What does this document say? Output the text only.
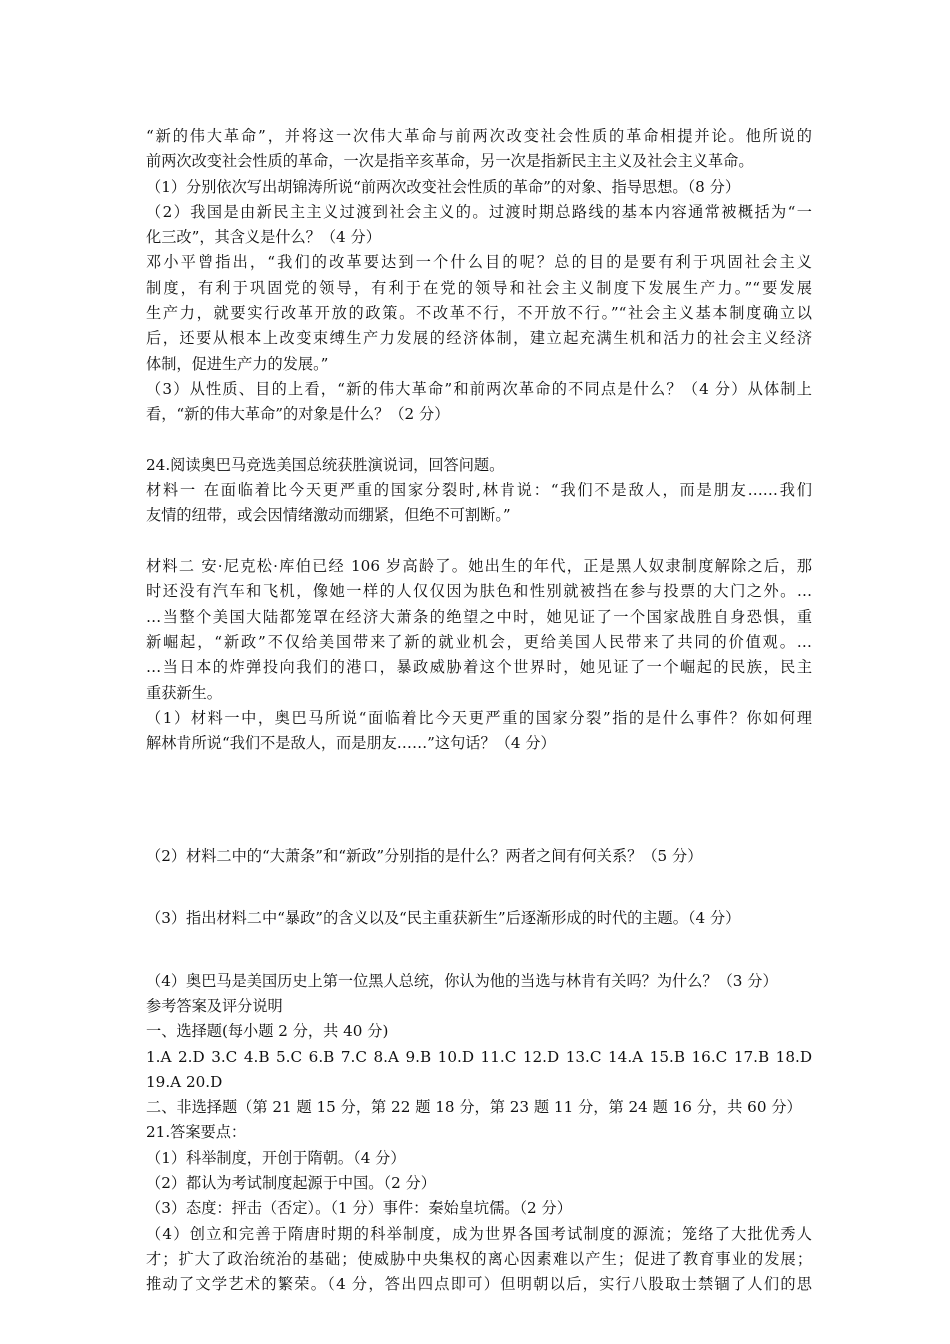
“新的伟大革命”，并将这一次伟大革命与前两次改变社会性质的革命相提并论。他所说的
前两次改变社会性质的革命，一次是指辛亥革命，另一次是指新民主主义及社会主义革命。
（1）分别依次写出胡锦涛所说“前两次改变社会性质的革命”的对象、指导思想。（8 分）
（2）我国是由新民主主义过渡到社会主义的。过渡时期总路线的基本内容通常被概括为“一
化三改”，其含义是什么？（4 分）
邓小平曾指出，“我们的改革要达到一个什么目的呢？总的目的是要有利于巩固社会主义
制度，有利于巩固党的领导，有利于在党的领导和社会主义制度下发展生产力。”“要发展
生产力，就要实行改革开放的政策。不改革不行，不开放不行。”“社会主义基本制度确立以
后，还要从根本上改变束缚生产力发展的经济体制，建立起充满生机和活力的社会主义经济
体制，促进生产力的发展。”
（3）从性质、目的上看，“新的伟大革命”和前两次革命的不同点是什么？（4 分）从体制上
看，“新的伟大革命”的对象是什么？（2 分）
24.阅读奥巴马竞选美国总统获胜演说词，回答问题。
材料一 在面临着比今天更严重的国家分裂时,林肯说：“我们不是敌人，而是朋友……我们
友情的纽带，或会因情绪激动而绷紧，但绝不可割断。”
材料二 安·尼克松·库伯已经 106 岁高龄了。她出生的年代，正是黑人奴隶制度解除之后，那
时还没有汽车和飞机，像她一样的人仅仅因为肤色和性别就被挡在参与投票的大门之外。…
…当整个美国大陆都笼罩在经济大萧条的绝望之中时，她见证了一个国家战胜自身恐惧，重
新崛起，“新政”不仅给美国带来了新的就业机会，更给美国人民带来了共同的价值观。…
…当日本的炸弹投向我们的港口，暴政威胁着这个世界时，她见证了一个崛起的民族，民主
重获新生。
（1）材料一中，奥巴马所说“面临着比今天更严重的国家分裂”指的是什么事件？你如何理
解林肯所说“我们不是敌人，而是朋友……”这句话？（4 分）
（2）材料二中的“大萧条”和“新政”分别指的是什么？两者之间有何关系？（5 分）
（3）指出材料二中“暴政”的含义以及“民主重获新生”后逐渐形成的时代的主题。（4 分）
（4）奥巴马是美国历史上第一位黑人总统，你认为他的当选与林肯有关吗？为什么？（3 分）
参考答案及评分说明
一、选择题(每小题 2 分，共 40 分)
1.A 2.D 3.C 4.B 5.C 6.B 7.C 8.A 9.B 10.D 11.C 12.D 13.C 14.A 15.B 16.C 17.B 18.D
19.A 20.D
二、非选择题（第 21 题 15 分，第 22 题 18 分，第 23 题 11 分，第 24 题 16 分，共 60 分）
21.答案要点：
（1）科举制度，开创于隋朝。（4 分）
（2）都认为考试制度起源于中国。（2 分）
（3）态度：抨击（否定）。（1 分）事件：秦始皇坑儒。（2 分）
（4）创立和完善于隋唐时期的科举制度，成为世界各国考试制度的源流；笼络了大批优秀人
才；扩大了政治统治的基础；使威胁中央集权的离心因素难以产生；促进了教育事业的发展；
推动了文学艺术的繁荣。（4 分，答出四点即可）但明朝以后，实行八股取士禁锢了人们的思
